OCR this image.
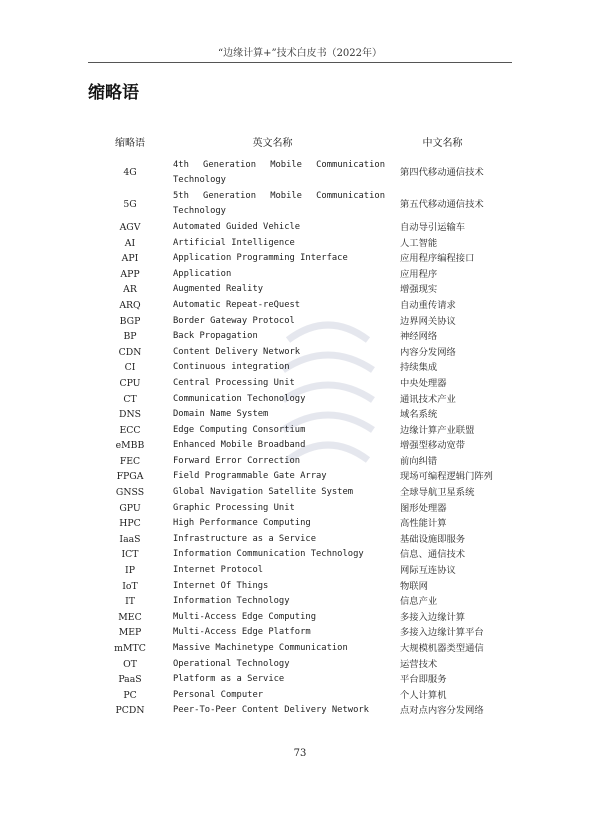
“边缘计算+”技术白皮书（2022年）
缩略语
缩略语	英文名称	中文名称
4G	4th Generation Mobile Communication Technology	第四代移动通信技术
5G	5th Generation Mobile Communication Technology	第五代移动通信技术
AGV	Automated Guided Vehicle	自动导引运输车
AI	Artificial Intelligence	人工智能
API	Application Programming Interface	应用程序编程接口
APP	Application	应用程序
AR	Augmented Reality	增强现实
ARQ	Automatic Repeat-reQuest	自动重传请求
BGP	Border Gateway Protocol	边界网关协议
BP	Back Propagation	神经网络
CDN	Content Delivery Network	内容分发网络
CI	Continuous integration	持续集成
CPU	Central Processing Unit	中央处理器
CT	Communication Techonology	通讯技术产业
DNS	Domain Name System	域名系统
ECC	Edge Computing Consortium	边缘计算产业联盟
eMBB	Enhanced Mobile Broadband	增强型移动宽带
FEC	Forward Error Correction	前向纠错
FPGA	Field Programmable Gate Array	现场可编程逻辑门阵列
GNSS	Global Navigation Satellite System	全球导航卫星系统
GPU	Graphic Processing Unit	图形处理器
HPC	High Performance Computing	高性能计算
IaaS	Infrastructure as a Service	基础设施即服务
ICT	Information Communication Technology	信息、通信技术
IP	Internet Protocol	网际互连协议
IoT	Internet Of Things	物联网
IT	Information Technology	信息产业
MEC	Multi-Access Edge Computing	多接入边缘计算
MEP	Multi-Access Edge Platform	多接入边缘计算平台
mMTC	Massive Machinetype Communication	大规模机器类型通信
OT	Operational Technology	运营技术
PaaS	Platform as a Service	平台即服务
PC	Personal Computer	个人计算机
PCDN	Peer-To-Peer Content Delivery Network	点对点内容分发网络
73
